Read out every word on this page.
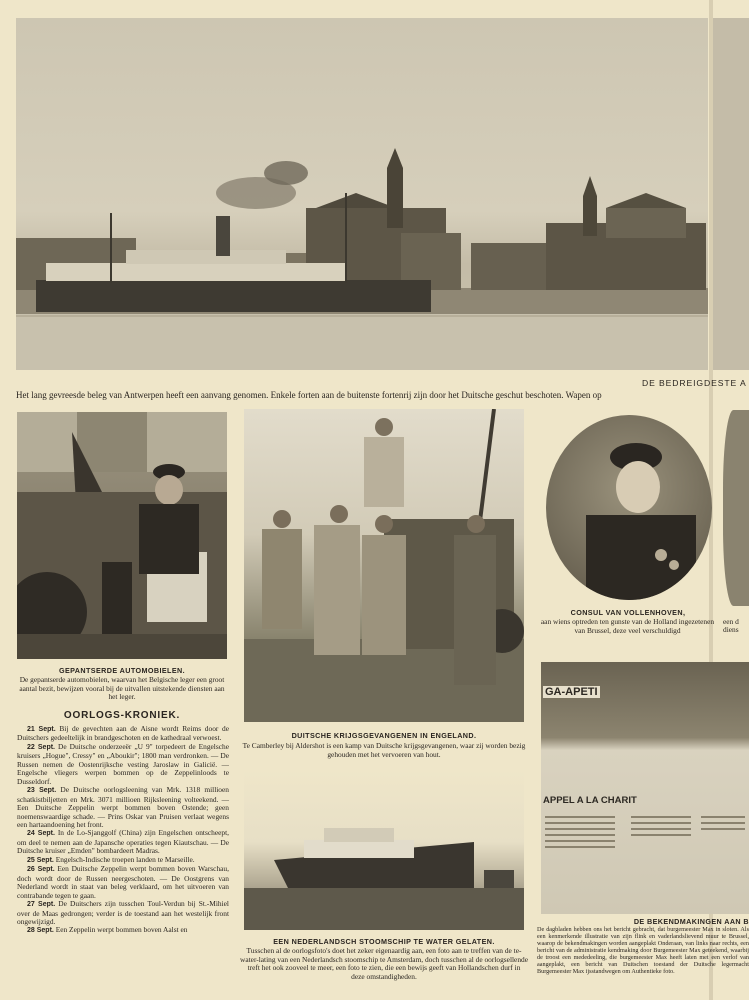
DE BEDREIGDESTE A
Het lang gevreesde beleg van Antwerpen heeft een aanvang genomen. Enkele forten aan de buitenste fortenrij zijn door het Duitsche geschut beschoten. Wapen op
GEPANTSERDE AUTOMOBIELEN.
De gepantserde automobielen, waarvan het Belgische leger een groot aantal bezit, bewijzen vooral bij de uitvallen uitstekende diensten aan het leger.
OORLOGS-KRONIEK.

21 Sept. Bij de gevechten aan de Aisne wordt Reims door de Duitschers gedeeltelijk in brandgeschoten en de kathedraal verwoest.

22 Sept. De Duitsche onderzeeër „U 9" torpedeert de Engelsche kruisers „Hogue", Cressy" en „Aboukir"; 1800 man verdronken. — De Russen nemen de Oostenrijksche vesting Jaroslaw in Galicië. — Engelsche vliegers werpen bommen op de Zeppelinloods te Dusseldorf.

23 Sept. De Duitsche oorlogsleening van Mrk. 1318 millioen schatkistbiljetten en Mrk. 3071 millioen Rijksleening volteekend. — Een Duitsche Zeppelin werpt bommen boven Ostende; geen noemenswaardige schade. — Prins Oskar van Pruisen verlaat wegens een hartaandoening het front.

24 Sept. In de Lo-Sjanggolf (China) zijn Engelschen ontscheept, om deel te nemen aan de Japansche operaties tegen Kiautschau. — De Duitsche kruiser „Emden" bombardeert Madras.

25 Sept. Engelsch-Indische troepen landen te Marseille.

26 Sept. Een Duitsche Zeppelin werpt bommen boven Warschau, doch wordt door de Russen neergeschoten. — De Oostgrens van Nederland wordt in staat van beleg verklaard, om het uitvoeren van contrabande tegen te gaan.

27 Sept. De Duitschers zijn tusschen Toul-Verdun bij St.-Mihiel over de Maas gedrongen; verder is de toestand aan het westelijk front ongewijzigd.

28 Sept. Een Zeppelin werpt bommen boven Aalst en

DUITSCHE KRIJGSGEVANGENEN IN ENGELAND.
Te Camberley bij Aldershot is een kamp van Duitsche krijgsgevangenen, waar zij worden bezig gehouden met het vervoeren van hout.
EEN NEDERLANDSCH STOOMSCHIP TE WATER GELATEN.
Tusschen al de oorlogsfoto's doet het zeker eigenaardig aan, een foto aan te treffen van de te-water-lating van een Nederlandsch stoomschip te Amsterdam, doch tusschen al de oorlogsellende treft het ook zooveel te meer, een foto te zien, die een bewijs geeft van Hollandschen durf in deze omstandigheden.
CONSUL VAN VOLLENHOVEN,
aan wiens optreden ten gunste van de Holland ingezetenen van Brussel, deze veel verschuldigd
een d
diens
GA-APETI
APPEL A LA CHARIT
DE BEKENDMAKINGEN AAN B
De dagbladen hebben ons het bericht gebracht, dat burgemeester Max in sloten. Als een kenmerkende illustratie van zijn flink en vaderlandslievend muur te Brussel, waarop de bekendmakingen worden aangeplakt Onderaan, van links naar rechts, een bericht van de administratie kendmaking door Burgemeester Max geteekend, waarbij de troost een mededeeling, die burgemeester Max heeft laten met een verlof van aangeplakt, een bericht van Duitschen toestand der Duitsche legermacht Burgemeester Max ijsstandwegen om Authentieke foto.
